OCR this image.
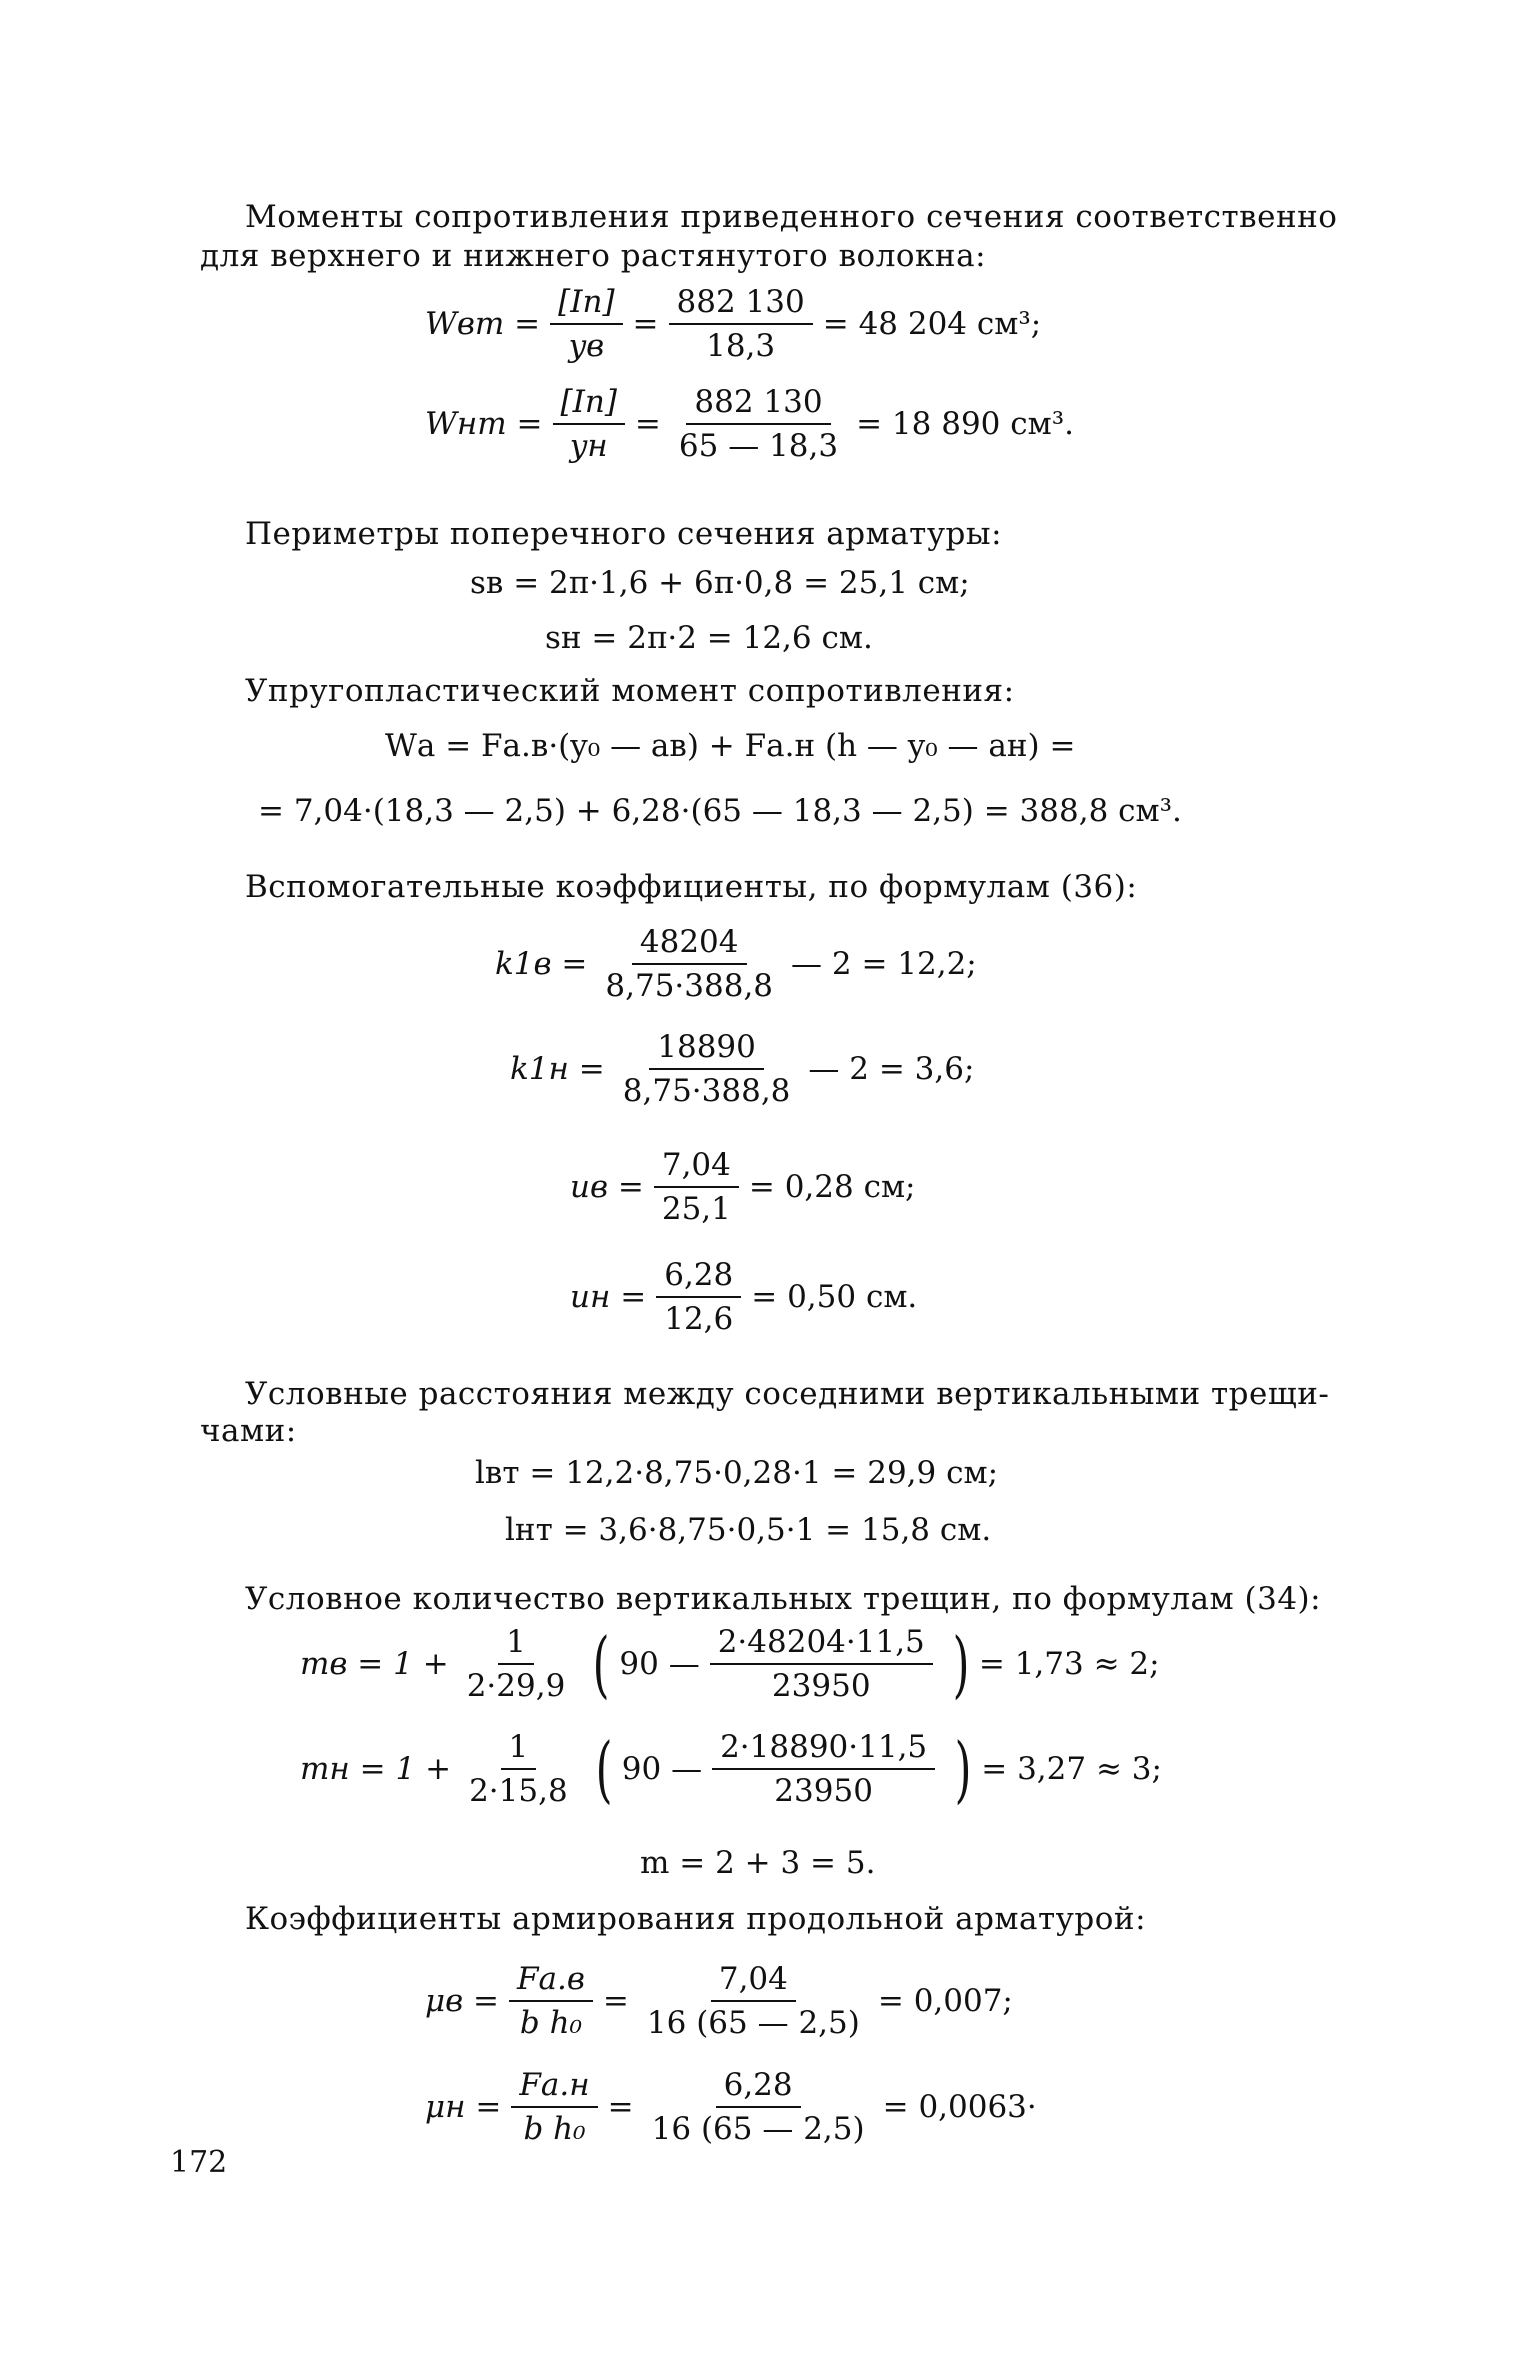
Моменты сопротивления приведенного сечения соответственно
для верхнего и нижнего растянутого волокна:
Wвт = $\frac{[Iп]}{yв} = \frac{882 130}{18,3} = 48$ 204 см³;
Wнт = $\frac{[Iп]}{yн} = \frac{882 130}{65 — 18,3} = 18$ 890 см³.
Периметры поперечного сечения арматуры:
sв = 2π·1,6 + 6π·0,8 = 25,1 см;
sн = 2π·2 = 12,6 см.
Упругопластический момент сопротивления:
Wа = Fа.в·(y₀ — aв) + Fа.н (h — y₀ — aн) =
= 7,04·(18,3 — 2,5) + 6,28·(65 — 18,3 — 2,5) = 388,8 см³.
Вспомогательные коэффициенты, по формулам (36):
$k1в = \frac{48204}{8,75\cdot 388,8}$ — 2 = 12,2;
$k1н = \frac{18890}{8,75\cdot 388,8}$ — 2 = 3,6;
uв = $\frac{7,04}{25,1} = 0,28$ см;
uн = $\frac{6,28}{12,6} = 0,50$ см.
Условные расстояния между соседними вертикальными трещи-
чами:
lвт = 12,2·8,75·0,28·1 = 29,9 см;
lнт = 3,6·8,75·0,5·1 = 15,8 см.
Условное количество вертикальных трещин, по формулам (34):
mв = $1 + \frac{1}{2\cdot 29,9}$ ( 90 — $\frac{2\cdot 48204\cdot 11,5}{23950}$ ) = 1,73 ≈ 2;
mн = $1 + \frac{1}{2\cdot 15,8}$ ( 90 — $\frac{2\cdot 18890\cdot 11,5}{23950}$ ) = 3,27 ≈ 3;
m = 2 + 3 = 5.
Коэффициенты армирования продольной арматурой:
$\mu в = \frac{Fа.в}{\text{b h₀}} = \frac{7,04}{16 (65 — 2,5)} = 0,007$;
$\mu н = \frac{Fа.н}{\text{b h₀}} = \frac{6,28}{16 (65 — 2,5)} = 0,0063\cdot$
172
